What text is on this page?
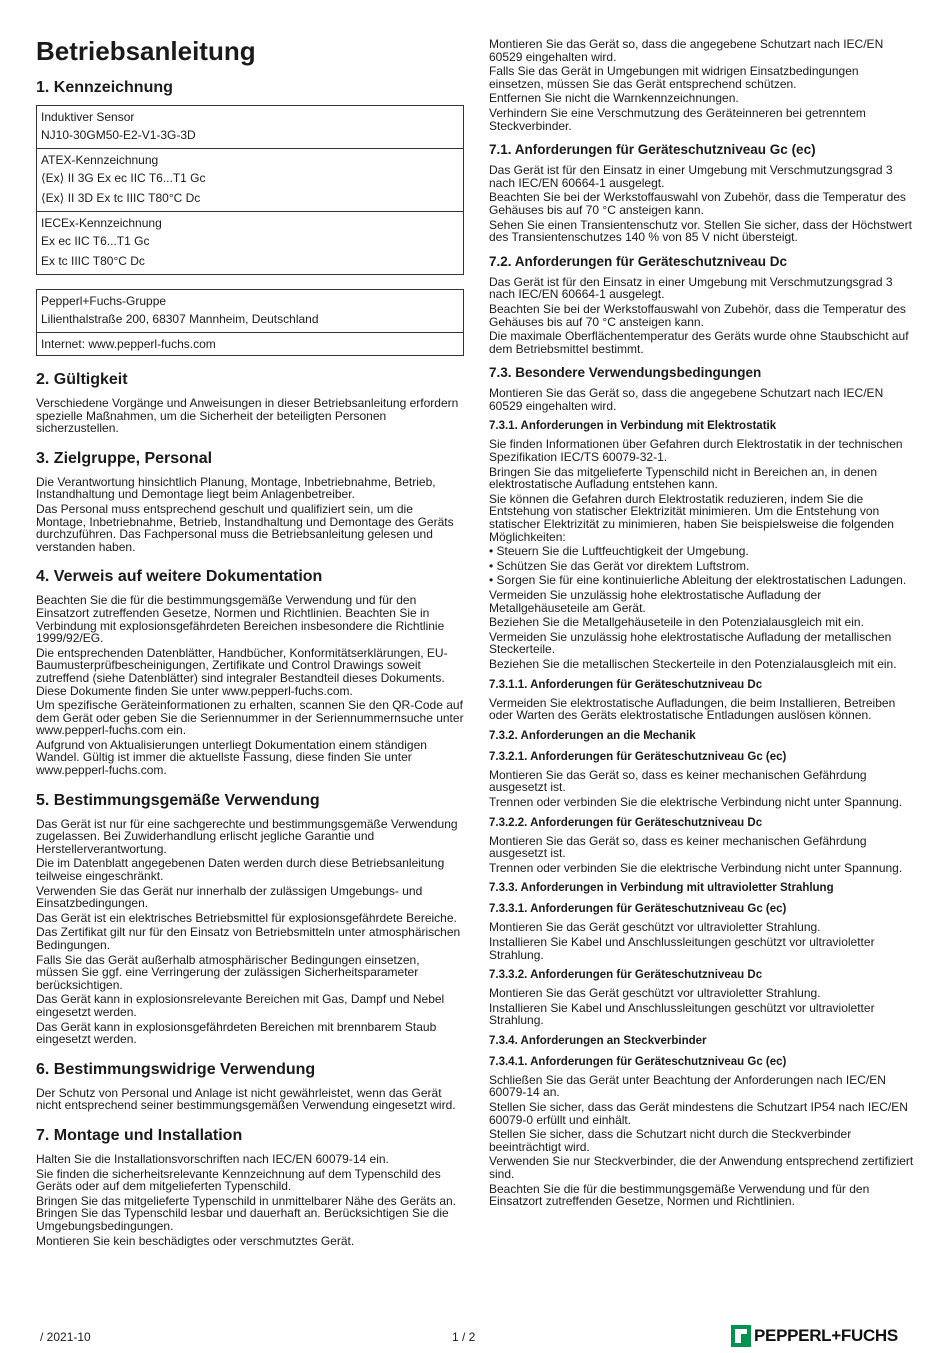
Betriebsanleitung
1. Kennzeichnung
Induktiver Sensor
NJ10-30GM50-E2-V1-3G-3D
ATEX-Kennzeichnung
⟨Ex⟩ II 3G Ex ec IIC T6...T1 Gc
⟨Ex⟩ II 3D Ex tc IIIC T80°C Dc
IECEx-Kennzeichnung
Ex ec IIC T6...T1 Gc
Ex tc IIIC T80°C Dc
Pepperl+Fuchs-Gruppe
Lilienthalstraße 200, 68307 Mannheim, Deutschland
Internet: www.pepperl-fuchs.com
2. Gültigkeit

Verschiedene Vorgänge und Anweisungen in dieser Betriebsanleitung erfordern spezielle Maßnahmen, um die Sicherheit der beteiligten Personen sicherzustellen.

3. Zielgruppe, Personal

Die Verantwortung hinsichtlich Planung, Montage, Inbetriebnahme, Betrieb, Instandhaltung und Demontage liegt beim Anlagenbetreiber.

Das Personal muss entsprechend geschult und qualifiziert sein, um die Montage, Inbetriebnahme, Betrieb, Instandhaltung und Demontage des Geräts durchzuführen. Das Fachpersonal muss die Betriebsanleitung gelesen und verstanden haben.

4. Verweis auf weitere Dokumentation

Beachten Sie die für die bestimmungsgemäße Verwendung und für den Einsatzort zutreffenden Gesetze, Normen und Richtlinien. Beachten Sie in Verbindung mit explosionsgefährdeten Bereichen insbesondere die Richtlinie 1999/92/EG.

Die entsprechenden Datenblätter, Handbücher, Konformitätserklärungen, EU-Baumusterprüfbescheinigungen, Zertifikate und Control Drawings soweit zutreffend (siehe Datenblätter) sind integraler Bestandteil dieses Dokuments. Diese Dokumente finden Sie unter www.pepperl-fuchs.com.

Um spezifische Geräteinformationen zu erhalten, scannen Sie den QR-Code auf dem Gerät oder geben Sie die Seriennummer in der Seriennummernsuche unter www.pepperl-fuchs.com ein.

Aufgrund von Aktualisierungen unterliegt Dokumentation einem ständigen Wandel. Gültig ist immer die aktuellste Fassung, diese finden Sie unter www.pepperl-fuchs.com.

5. Bestimmungsgemäße Verwendung

Das Gerät ist nur für eine sachgerechte und bestimmungsgemäße Verwendung zugelassen. Bei Zuwiderhandlung erlischt jegliche Garantie und Herstellerverantwortung.

Die im Datenblatt angegebenen Daten werden durch diese Betriebsanleitung teilweise eingeschränkt.

Verwenden Sie das Gerät nur innerhalb der zulässigen Umgebungs- und Einsatzbedingungen.

Das Gerät ist ein elektrisches Betriebsmittel für explosionsgefährdete Bereiche.

Das Zertifikat gilt nur für den Einsatz von Betriebsmitteln unter atmosphärischen Bedingungen.

Falls Sie das Gerät außerhalb atmosphärischer Bedingungen einsetzen, müssen Sie ggf. eine Verringerung der zulässigen Sicherheitsparameter berücksichtigen.

Das Gerät kann in explosionsrelevante Bereichen mit Gas, Dampf und Nebel eingesetzt werden.

Das Gerät kann in explosionsgefährdeten Bereichen mit brennbarem Staub eingesetzt werden.

6. Bestimmungswidrige Verwendung

Der Schutz von Personal und Anlage ist nicht gewährleistet, wenn das Gerät nicht entsprechend seiner bestimmungsgemäßen Verwendung eingesetzt wird.

7. Montage und Installation

Halten Sie die Installationsvorschriften nach IEC/EN 60079-14 ein.

Sie finden die sicherheitsrelevante Kennzeichnung auf dem Typenschild des Geräts oder auf dem mitgelieferten Typenschild.

Bringen Sie das mitgelieferte Typenschild in unmittelbarer Nähe des Geräts an. Bringen Sie das Typenschild lesbar und dauerhaft an. Berücksichtigen Sie die Umgebungsbedingungen.

Montieren Sie kein beschädigtes oder verschmutztes Gerät.

Montieren Sie das Gerät so, dass die angegebene Schutzart nach IEC/EN 60529 eingehalten wird.

Falls Sie das Gerät in Umgebungen mit widrigen Einsatzbedingungen einsetzen, müssen Sie das Gerät entsprechend schützen.

Entfernen Sie nicht die Warnkennzeichnungen.

Verhindern Sie eine Verschmutzung des Geräteinneren bei getrenntem Steckverbinder.

7.1. Anforderungen für Geräteschutzniveau Gc (ec)

Das Gerät ist für den Einsatz in einer Umgebung mit Verschmutzungsgrad 3 nach IEC/EN 60664-1 ausgelegt.

Beachten Sie bei der Werkstoffauswahl von Zubehör, dass die Temperatur des Gehäuses bis auf 70 °C ansteigen kann.

Sehen Sie einen Transientenschutz vor. Stellen Sie sicher, dass der Höchstwert des Transientenschutzes 140 % von 85 V nicht übersteigt.

7.2. Anforderungen für Geräteschutzniveau Dc

Das Gerät ist für den Einsatz in einer Umgebung mit Verschmutzungsgrad 3 nach IEC/EN 60664-1 ausgelegt.

Beachten Sie bei der Werkstoffauswahl von Zubehör, dass die Temperatur des Gehäuses bis auf 70 °C ansteigen kann.

Die maximale Oberflächentemperatur des Geräts wurde ohne Staubschicht auf dem Betriebsmittel bestimmt.

7.3. Besondere Verwendungsbedingungen

Montieren Sie das Gerät so, dass die angegebene Schutzart nach IEC/EN 60529 eingehalten wird.

7.3.1. Anforderungen in Verbindung mit Elektrostatik

Sie finden Informationen über Gefahren durch Elektrostatik in der technischen Spezifikation IEC/TS 60079-32-1.

Bringen Sie das mitgelieferte Typenschild nicht in Bereichen an, in denen elektrostatische Aufladung entstehen kann.

Sie können die Gefahren durch Elektrostatik reduzieren, indem Sie die Entstehung von statischer Elektrizität minimieren. Um die Entstehung von statischer Elektrizität zu minimieren, haben Sie beispielsweise die folgenden Möglichkeiten:

• Steuern Sie die Luftfeuchtigkeit der Umgebung.

• Schützen Sie das Gerät vor direktem Luftstrom.

• Sorgen Sie für eine kontinuierliche Ableitung der elektrostatischen Ladungen.

Vermeiden Sie unzulässig hohe elektrostatische Aufladung der Metallgehäuseteile am Gerät.

Beziehen Sie die Metallgehäuseteile in den Potenzialausgleich mit ein.

Vermeiden Sie unzulässig hohe elektrostatische Aufladung der metallischen Steckerteile.

Beziehen Sie die metallischen Steckerteile in den Potenzialausgleich mit ein.

7.3.1.1. Anforderungen für Geräteschutzniveau Dc

Vermeiden Sie elektrostatische Aufladungen, die beim Installieren, Betreiben oder Warten des Geräts elektrostatische Entladungen auslösen können.

7.3.2. Anforderungen an die Mechanik
7.3.2.1. Anforderungen für Geräteschutzniveau Gc (ec)

Montieren Sie das Gerät so, dass es keiner mechanischen Gefährdung ausgesetzt ist.

Trennen oder verbinden Sie die elektrische Verbindung nicht unter Spannung.

7.3.2.2. Anforderungen für Geräteschutzniveau Dc

Montieren Sie das Gerät so, dass es keiner mechanischen Gefährdung ausgesetzt ist.

Trennen oder verbinden Sie die elektrische Verbindung nicht unter Spannung.

7.3.3. Anforderungen in Verbindung mit ultravioletter Strahlung
7.3.3.1. Anforderungen für Geräteschutzniveau Gc (ec)

Montieren Sie das Gerät geschützt vor ultravioletter Strahlung.

Installieren Sie Kabel und Anschlussleitungen geschützt vor ultravioletter Strahlung.

7.3.3.2. Anforderungen für Geräteschutzniveau Dc

Montieren Sie das Gerät geschützt vor ultravioletter Strahlung.

Installieren Sie Kabel und Anschlussleitungen geschützt vor ultravioletter Strahlung.

7.3.4. Anforderungen an Steckverbinder
7.3.4.1. Anforderungen für Geräteschutzniveau Gc (ec)

Schließen Sie das Gerät unter Beachtung der Anforderungen nach IEC/EN 60079-14 an.

Stellen Sie sicher, dass das Gerät mindestens die Schutzart IP54 nach IEC/EN 60079-0 erfüllt und einhält.

Stellen Sie sicher, dass die Schutzart nicht durch die Steckverbinder beeinträchtigt wird.

Verwenden Sie nur Steckverbinder, die der Anwendung entsprechend zertifiziert sind.

Beachten Sie die für die bestimmungsgemäße Verwendung und für den Einsatzort zutreffenden Gesetze, Normen und Richtlinien.

/ 2021-10	1 / 2	PEPPERL+FUCHS
